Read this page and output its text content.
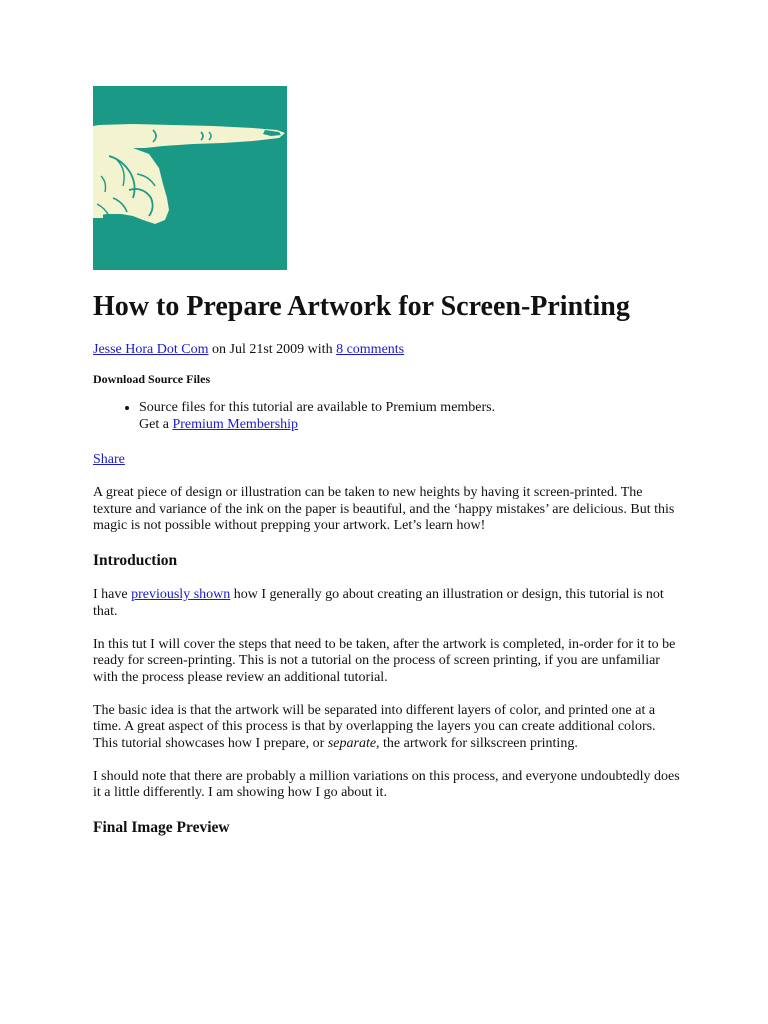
How to Prepare Artwork for Screen-Printing
Jesse Hora Dot Com on Jul 21st 2009 with 8 comments
Download Source Files
• Source files for this tutorial are available to Premium members.
Get a Premium Membership
Share

A great piece of design or illustration can be taken to new heights by having it screen-printed. The texture and variance of the ink on the paper is beautiful, and the ‘happy mistakes’ are delicious. But this magic is not possible without prepping your artwork. Let’s learn how!

Introduction

I have previously shown how I generally go about creating an illustration or design, this tutorial is not that.

In this tut I will cover the steps that need to be taken, after the artwork is completed, in-order for it to be ready for screen-printing. This is not a tutorial on the process of screen printing, if you are unfamiliar with the process please review an additional tutorial.

The basic idea is that the artwork will be separated into different layers of color, and printed one at a time. A great aspect of this process is that by overlapping the layers you can create additional colors. This tutorial showcases how I prepare, or separate, the artwork for silkscreen printing.

I should note that there are probably a million variations on this process, and everyone undoubtedly does it a little differently. I am showing how I go about it.

Final Image Preview
